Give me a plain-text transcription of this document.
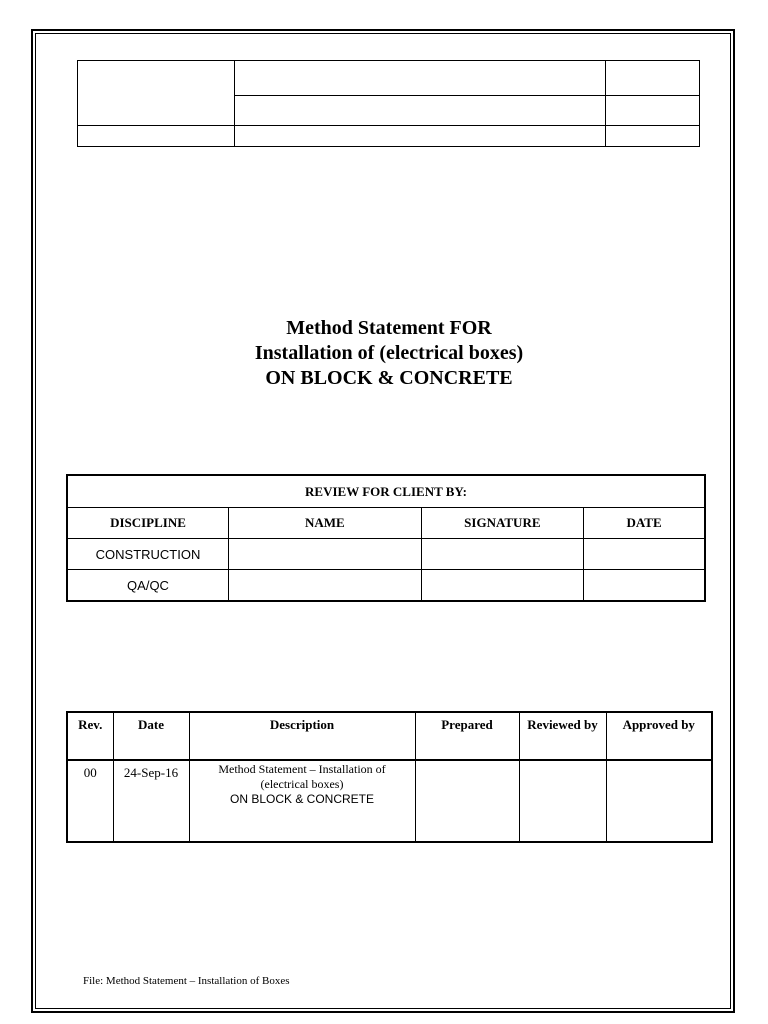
Method Statement FOR
Installation of (electrical boxes)
ON BLOCK & CONCRETE
REVIEW FOR CLIENT BY:			
DISCIPLINE	NAME	SIGNATURE	DATE
CONSTRUCTION			
QA/QC			
Rev.	Date	Description	Prepared	Reviewed by	Approved by
00	24-Sep-16	Method Statement – Installation of
(electrical boxes)
ON BLOCK & CONCRETE			

File: Method Statement – Installation of Boxes
